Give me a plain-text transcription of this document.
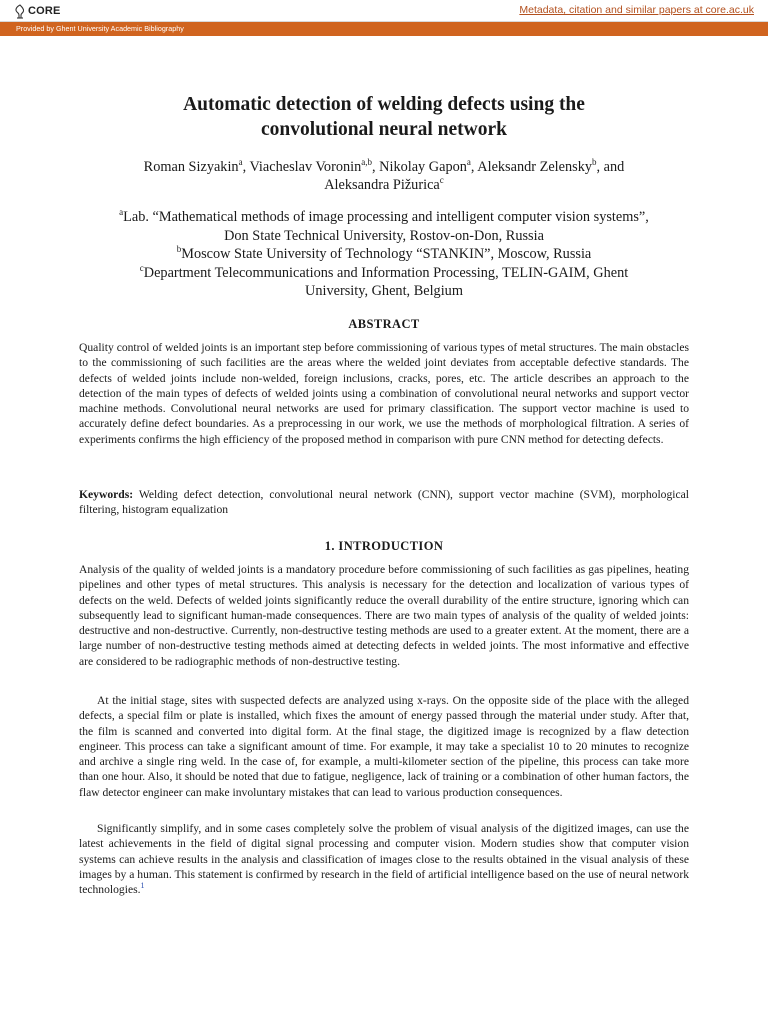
CORE	Metadata, citation and similar papers at core.ac.uk
Provided by Ghent University Academic Bibliography
Automatic detection of welding defects using the
convolutional neural network
Roman Sizyakin$^a$, Viacheslav Voronin$^{a,b}$, Nikolay Gapon$^a$, Aleksandr Zelensky$^b$, and
Aleksandra Pižurica$^c$
$^a$Lab. “Mathematical methods of image processing and intelligent computer vision systems”,
Don State Technical University, Rostov-on-Don, Russia
$^b$Moscow State University of Technology “STANKIN”, Moscow, Russia
$^c$Department Telecommunications and Information Processing, TELIN-GAIM, Ghent
University, Ghent, Belgium
ABSTRACT

Quality control of welded joints is an important step before commissioning of various types of metal structures. The main obstacles to the commissioning of such facilities are the areas where the welded joint deviates from acceptable defective standards. The defects of welded joints include non-welded, foreign inclusions, cracks, pores, etc. The article describes an approach to the detection of the main types of defects of welded joints using a combination of convolutional neural networks and support vector machine methods. Convolutional neural networks are used for primary classification. The support vector machine is used to accurately define defect boundaries. As a preprocessing in our work, we use the methods of morphological filtration. A series of experiments confirms the high efficiency of the proposed method in comparison with pure CNN method for detecting defects.

Keywords: Welding defect detection, convolutional neural network (CNN), support vector machine (SVM), morphological filtering, histogram equalization

1. INTRODUCTION

Analysis of the quality of welded joints is a mandatory procedure before commissioning of such facilities as gas pipelines, heating pipelines and other types of metal structures. This analysis is necessary for the detection and localization of various types of defects on the weld. Defects of welded joints significantly reduce the overall durability of the entire structure, ignoring which can subsequently lead to significant human-made consequences. There are two main types of analysis of the quality of welded joints: destructive and non-destructive. Currently, non-destructive testing methods are used to a greater extent. At the moment, there are a large number of non-destructive testing methods aimed at detecting defects in welded joints. The most informative and effective are considered to be radiographic methods of non-destructive testing.

At the initial stage, sites with suspected defects are analyzed using x-rays. On the opposite side of the place with the alleged defects, a special film or plate is installed, which fixes the amount of energy passed through the material under study. After that, the film is scanned and converted into digital form. At the final stage, the digitized image is recognized by a flaw detection engineer. This process can take a significant amount of time. For example, it may take a specialist 10 to 20 minutes to recognize and archive a single ring weld. In the case of, for example, a multi-kilometer section of the pipeline, this process can take more than one hour. Also, it should be noted that due to fatigue, negligence, lack of training or a combination of other human factors, the flaw detector engineer can make involuntary mistakes that can lead to various production consequences.

Significantly simplify, and in some cases completely solve the problem of visual analysis of the digitized images, can use the latest achievements in the field of digital signal processing and computer vision. Modern studies show that computer vision systems can achieve results in the analysis and classification of images close to the results obtained in the visual analysis of these images by a human. This statement is confirmed by research in the field of artificial intelligence based on the use of neural network technologies.$^1$
